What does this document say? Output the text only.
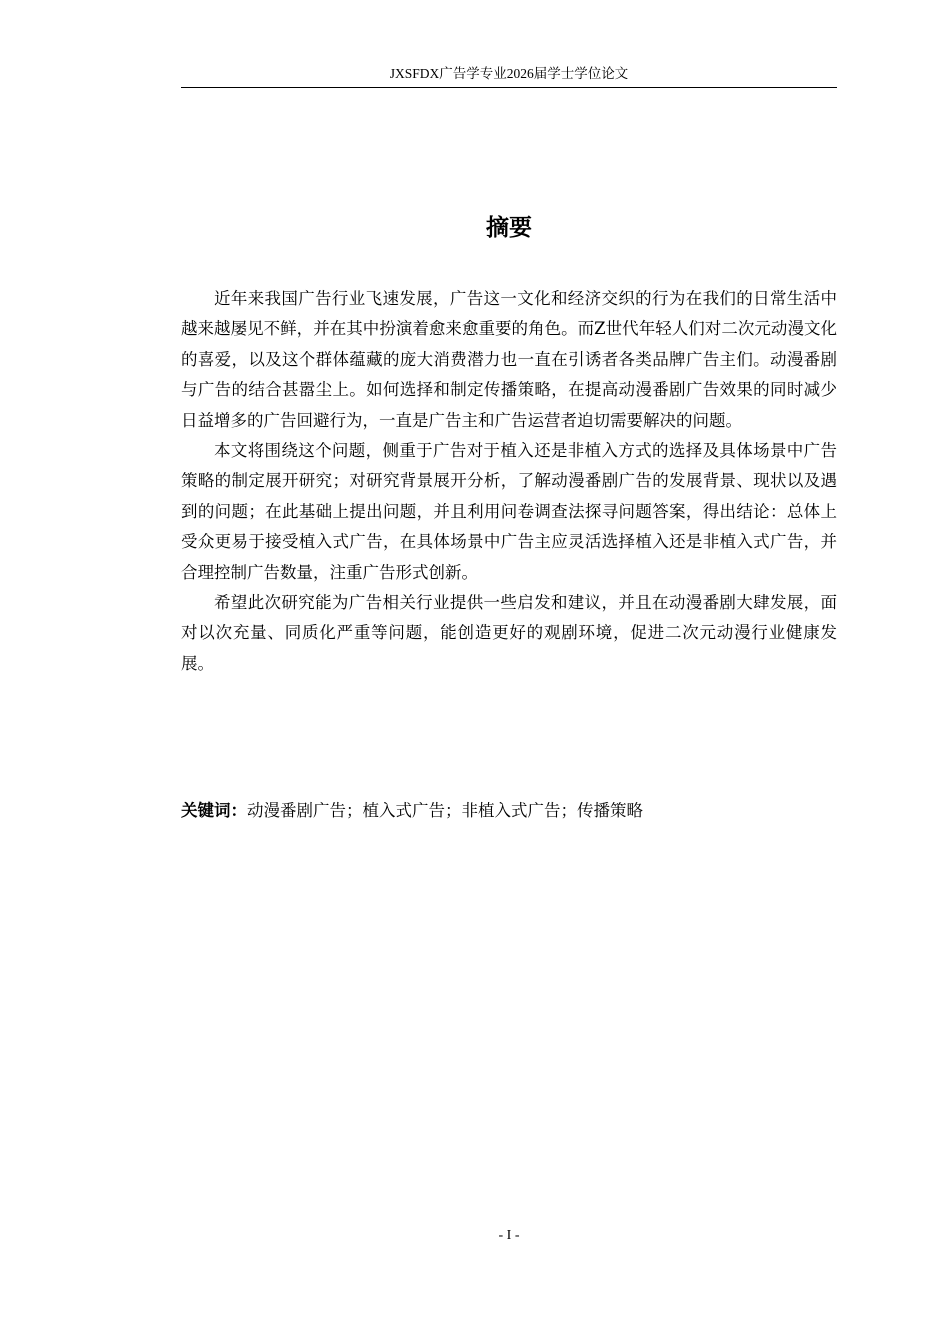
JXSFDX广告学专业2026届学士学位论文
摘要

近年来我国广告行业飞速发展，广告这一文化和经济交织的行为在我们的日常生活中越来越屡见不鲜，并在其中扮演着愈来愈重要的角色。而Z世代年轻人们对二次元动漫文化的喜爱，以及这个群体蕴藏的庞大消费潜力也一直在引诱者各类品牌广告主们。动漫番剧与广告的结合甚嚣尘上。如何选择和制定传播策略，在提高动漫番剧广告效果的同时减少日益增多的广告回避行为，一直是广告主和广告运营者迫切需要解决的问题。

本文将围绕这个问题，侧重于广告对于植入还是非植入方式的选择及具体场景中广告策略的制定展开研究；对研究背景展开分析，了解动漫番剧广告的发展背景、现状以及遇到的问题；在此基础上提出问题，并且利用问卷调查法探寻问题答案，得出结论：总体上受众更易于接受植入式广告，在具体场景中广告主应灵活选择植入还是非植入式广告，并合理控制广告数量，注重广告形式创新。

希望此次研究能为广告相关行业提供一些启发和建议，并且在动漫番剧大肆发展，面对以次充量、同质化严重等问题，能创造更好的观剧环境，促进二次元动漫行业健康发展。

关键词：动漫番剧广告；植入式广告；非植入式广告；传播策略
- I -
